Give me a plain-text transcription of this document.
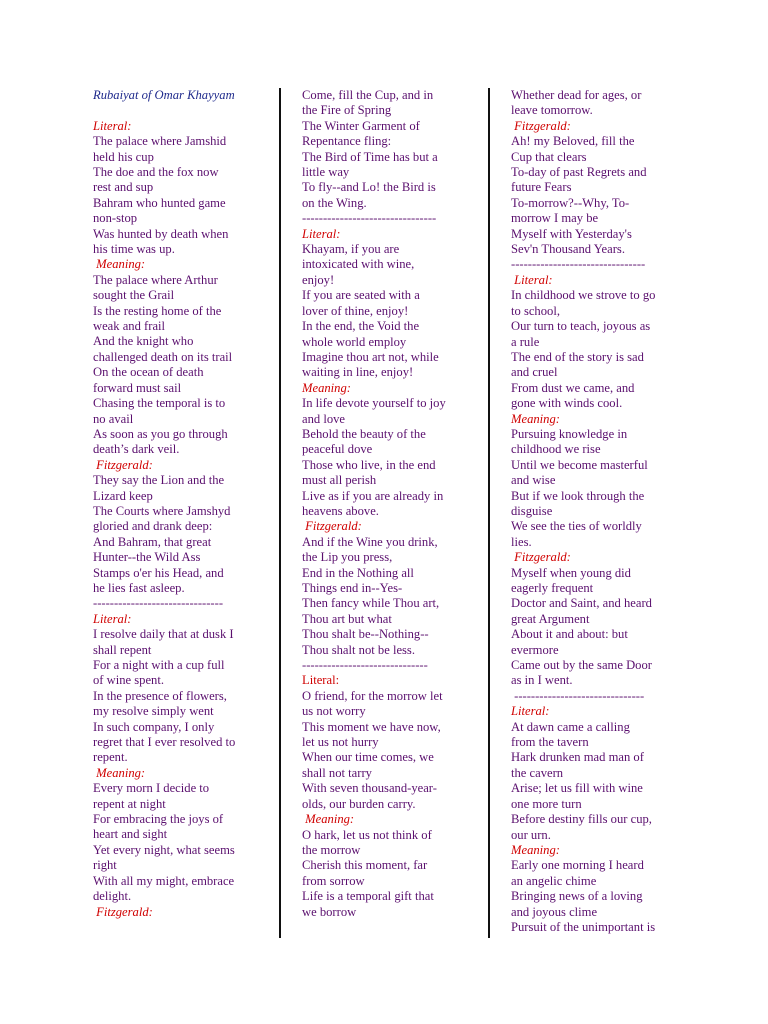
Rubaiyat of Omar Khayyam
Literal:
The palace where Jamshid
held his cup
The doe and the fox now
rest and sup
Bahram who hunted game
non-stop
Was hunted by death when
his time was up.
Meaning:
The palace where Arthur
sought the Grail
Is the resting home of the
weak and frail
And the knight who
challenged death on its trail
On the ocean of death
forward must sail
Chasing the temporal is to
no avail
As soon as you go through
death’s dark veil.
Fitzgerald:
They say the Lion and the
Lizard keep
The Courts where Jamshyd
gloried and drank deep:
And Bahram, that great
Hunter--the Wild Ass
Stamps o'er his Head, and
he lies fast asleep.
-------------------------------
Literal:
I resolve daily that at dusk I
shall repent
For a night with a cup full
of wine spent.
In the presence of flowers,
my resolve simply went
In such company, I only
regret that I ever resolved to
repent.
Meaning:
Every morn I decide to
repent at night
For embracing the joys of
heart and sight
Yet every night, what seems
right
With all my might, embrace
delight.
Fitzgerald:
Come, fill the Cup, and in
the Fire of Spring
The Winter Garment of
Repentance fling:
The Bird of Time has but a
little way
To fly--and Lo! the Bird is
on the Wing.
--------------------------------
Literal:
Khayam, if you are
intoxicated with wine,
enjoy!
If you are seated with a
lover of thine, enjoy!
In the end, the Void the
whole world employ
Imagine thou art not, while
waiting in line, enjoy!
Meaning:
In life devote yourself to joy
and love
Behold the beauty of the
peaceful dove
Those who live, in the end
must all perish
Live as if you are already in
heavens above.
Fitzgerald:
And if the Wine you drink,
the Lip you press,
End in the Nothing all
Things end in--Yes-
Then fancy while Thou art,
Thou art but what
Thou shalt be--Nothing--
Thou shalt not be less.
------------------------------
Literal:
O friend, for the morrow let
us not worry
This moment we have now,
let us not hurry
When our time comes, we
shall not tarry
With seven thousand-year-
olds, our burden carry.
Meaning:
O hark, let us not think of
the morrow
Cherish this moment, far
from sorrow
Life is a temporal gift that
we borrow
Whether dead for ages, or
leave tomorrow.
Fitzgerald:
Ah! my Beloved, fill the
Cup that clears
To-day of past Regrets and
future Fears
To-morrow?--Why, To-
morrow I may be
Myself with Yesterday's
Sev'n Thousand Years.
--------------------------------
Literal:
In childhood we strove to go
to school,
Our turn to teach, joyous as
a rule
The end of the story is sad
and cruel
From dust we came, and
gone with winds cool.
Meaning:
Pursuing knowledge in
childhood we rise
Until we become masterful
and wise
But if we look through the
disguise
We see the ties of worldly
lies.
Fitzgerald:
Myself when young did
eagerly frequent
Doctor and Saint, and heard
great Argument
About it and about: but
evermore
Came out by the same Door
as in I went.
-------------------------------
Literal:
At dawn came a calling
from the tavern
Hark drunken mad man of
the cavern
Arise; let us fill with wine
one more turn
Before destiny fills our cup,
our urn.
Meaning:
Early one morning I heard
an angelic chime
Bringing news of a loving
and joyous clime
Pursuit of the unimportant is
